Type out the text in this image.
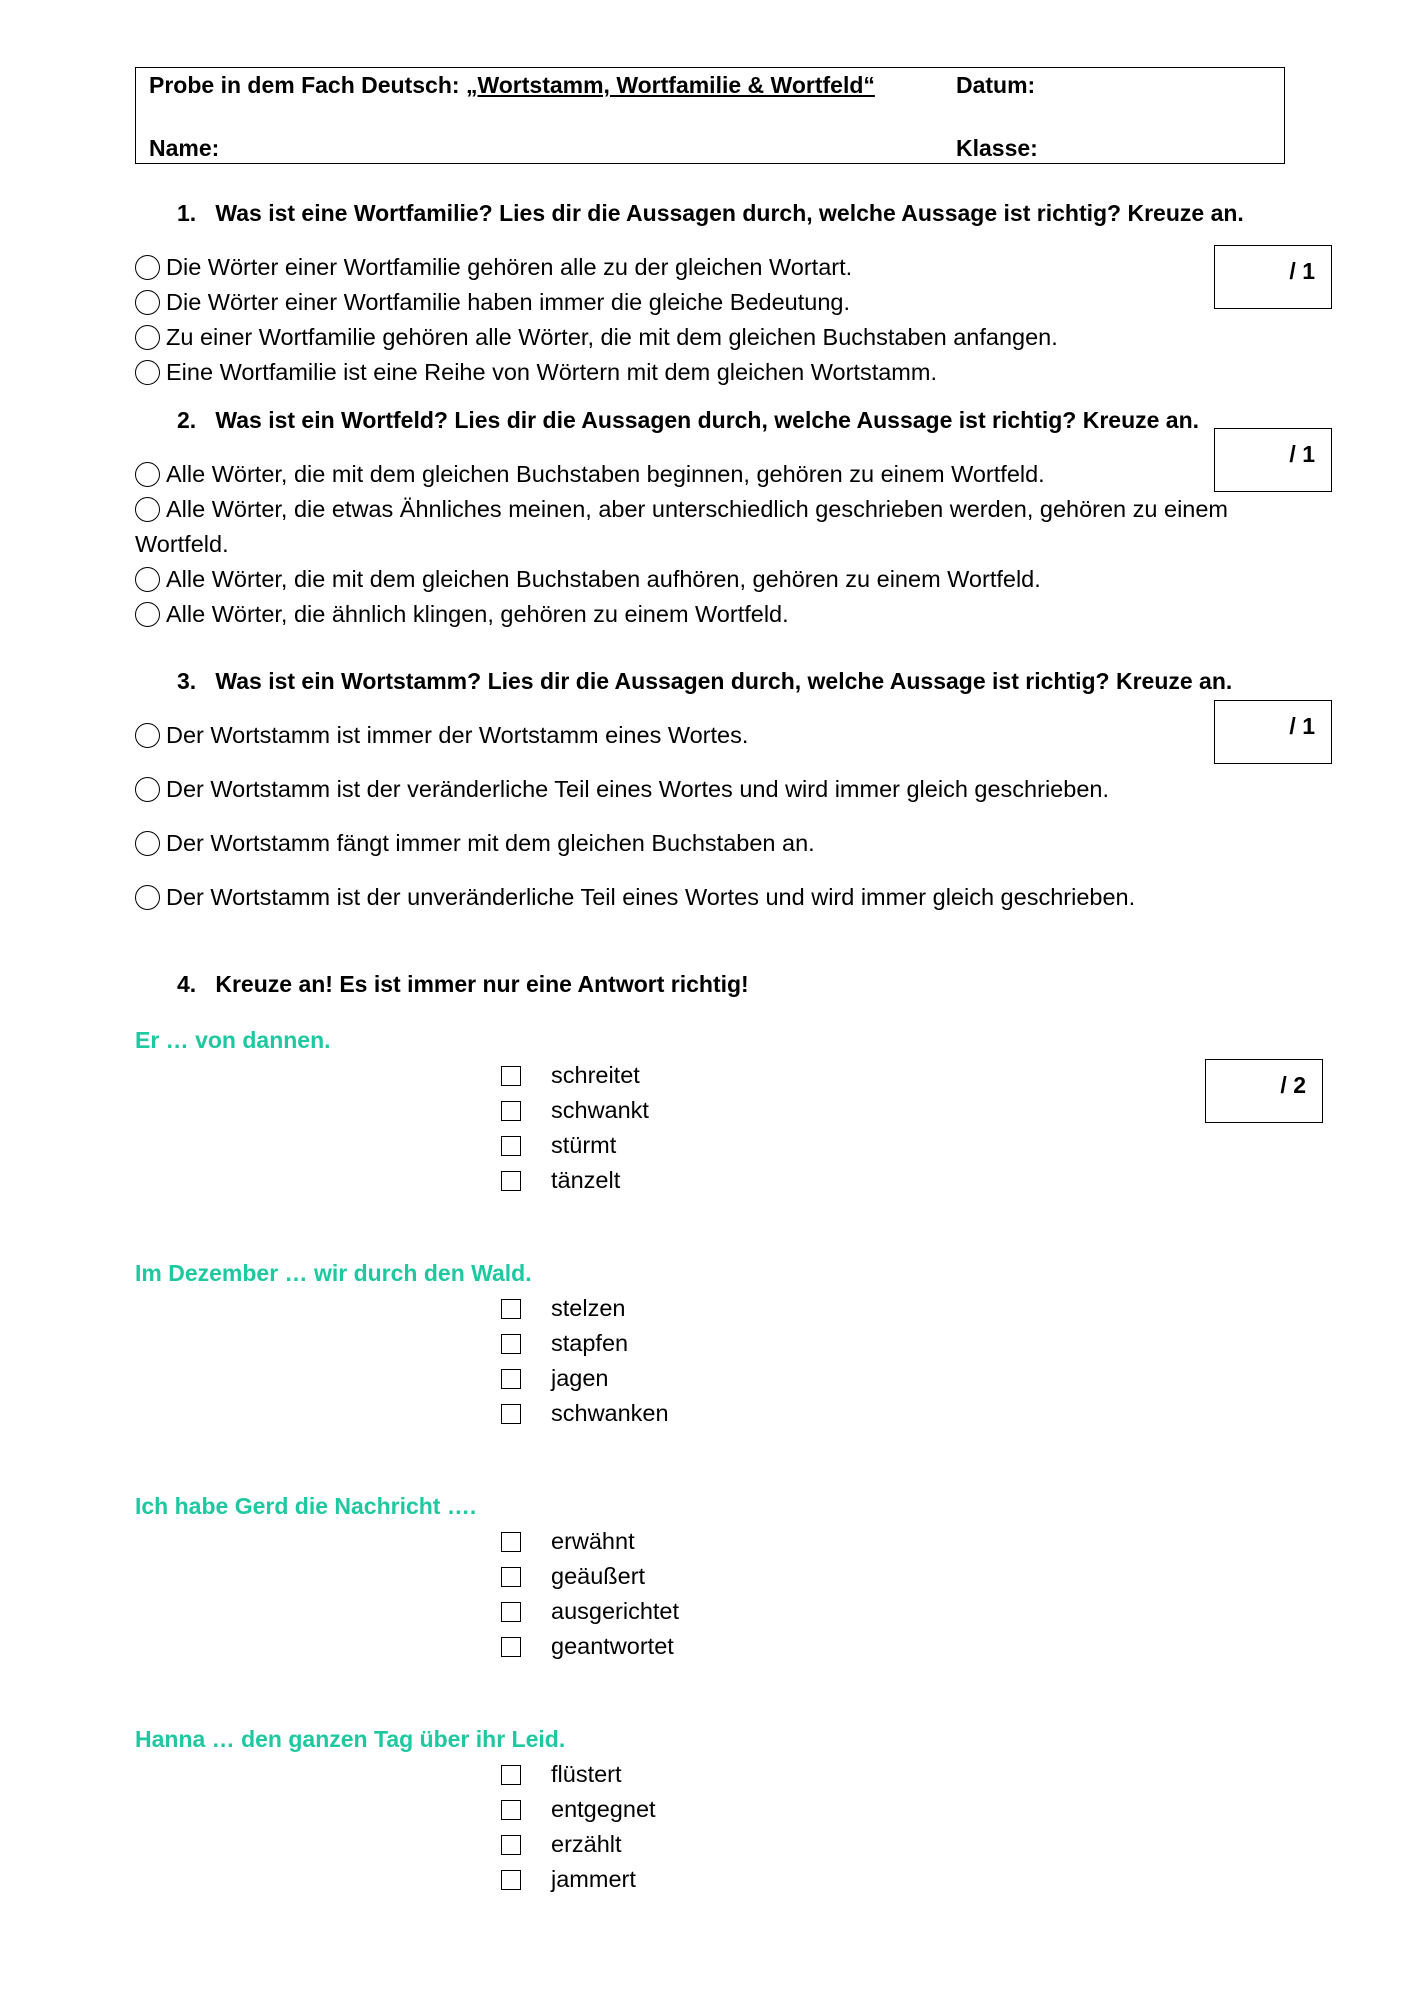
Probe in dem Fach Deutsch: „Wortstamm, Wortfamilie & Wortfeld“	Datum:
Name:	Klasse:
1. Was ist eine Wortfamilie? Lies dir die Aussagen durch, welche Aussage ist richtig? Kreuze an.
/ 1
Die Wörter einer Wortfamilie gehören alle zu der gleichen Wortart.
Die Wörter einer Wortfamilie haben immer die gleiche Bedeutung.
Zu einer Wortfamilie gehören alle Wörter, die mit dem gleichen Buchstaben anfangen.
Eine Wortfamilie ist eine Reihe von Wörtern mit dem gleichen Wortstamm.
2. Was ist ein Wortfeld? Lies dir die Aussagen durch, welche Aussage ist richtig? Kreuze an.
/ 1
Alle Wörter, die mit dem gleichen Buchstaben beginnen, gehören zu einem Wortfeld.
Alle Wörter, die etwas Ähnliches meinen, aber unterschiedlich geschrieben werden, gehören zu einem
Wortfeld.
Alle Wörter, die mit dem gleichen Buchstaben aufhören, gehören zu einem Wortfeld.
Alle Wörter, die ähnlich klingen, gehören zu einem Wortfeld.
3. Was ist ein Wortstamm? Lies dir die Aussagen durch, welche Aussage ist richtig? Kreuze an.
/ 1
Der Wortstamm ist immer der Wortstamm eines Wortes.
Der Wortstamm ist der veränderliche Teil eines Wortes und wird immer gleich geschrieben.
Der Wortstamm fängt immer mit dem gleichen Buchstaben an.
Der Wortstamm ist der unveränderliche Teil eines Wortes und wird immer gleich geschrieben.
4. Kreuze an! Es ist immer nur eine Antwort richtig!
/ 2
Er … von dannen.
schreitet
schwankt
stürmt
tänzelt
Im Dezember … wir durch den Wald.
stelzen
stapfen
jagen
schwanken
Ich habe Gerd die Nachricht ….
erwähnt
geäußert
ausgerichtet
geantwortet
Hanna … den ganzen Tag über ihr Leid.
flüstert
entgegnet
erzählt
jammert
